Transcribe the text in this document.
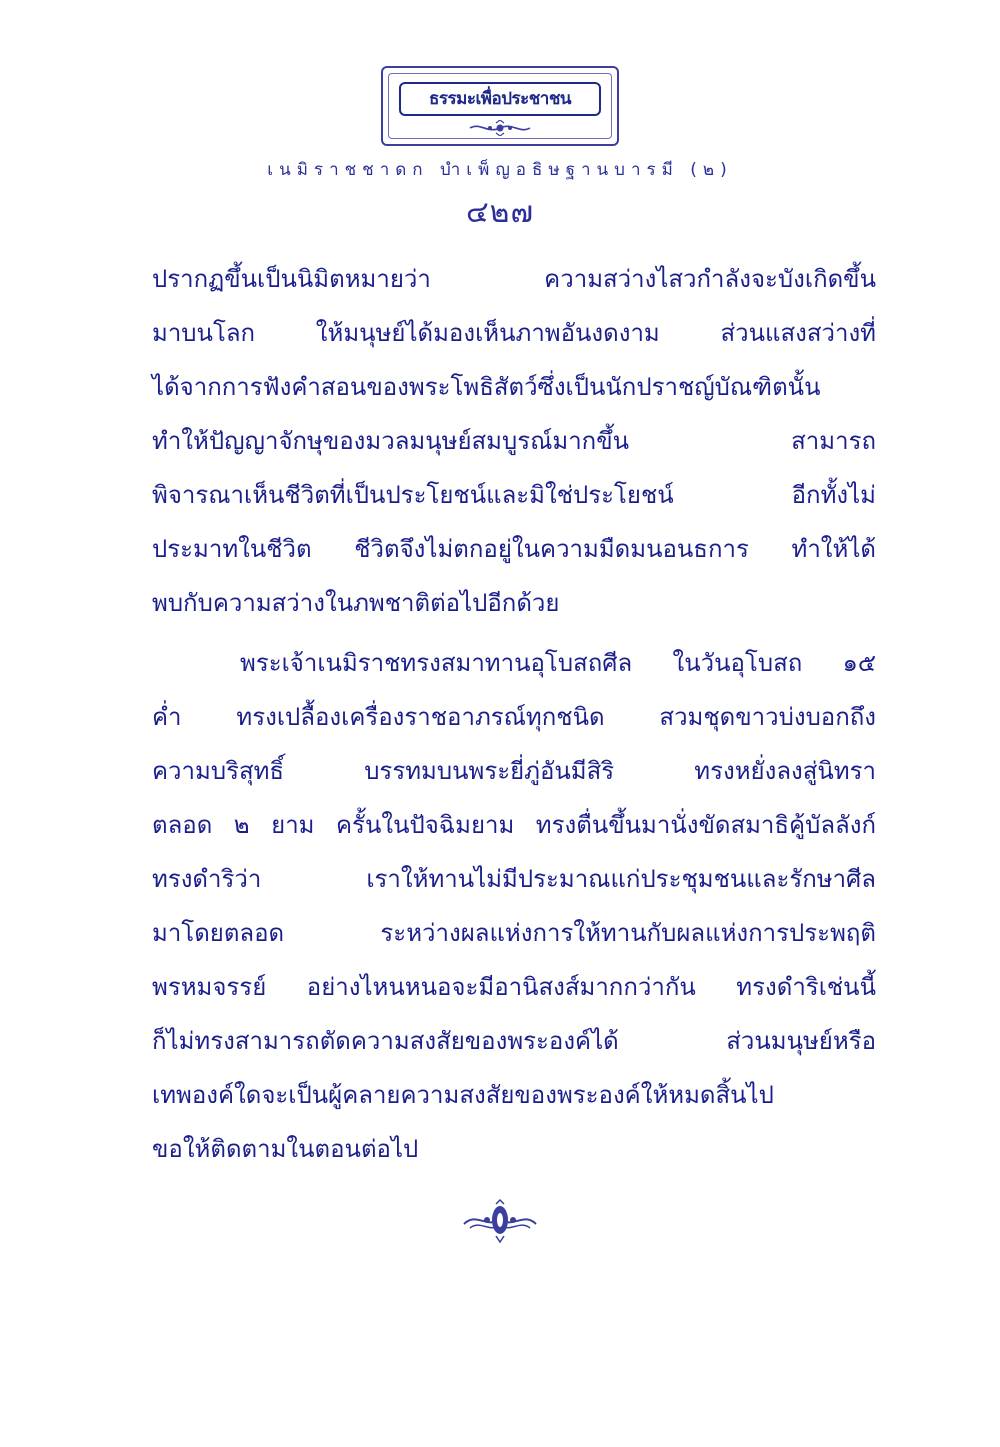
ธรรมะเพื่อประชาชน
เนมิราชชาดก บำเพ็ญอธิษฐานบารมี (๒)
๔๒๗
ปรากฏขึ้นเป็นนิมิตหมายว่า ความสว่างไสวกำลังจะบังเกิดขึ้น
มาบนโลก ให้มนุษย์ได้มองเห็นภาพอันงดงาม ส่วนแสงสว่างที่
ได้จากการฟังคำสอนของพระโพธิสัตว์ซึ่งเป็นนักปราชญ์บัณฑิตนั้น
ทำให้ปัญญาจักษุของมวลมนุษย์สมบูรณ์มากขึ้น สามารถ
พิจารณาเห็นชีวิตที่เป็นประโยชน์และมิใช่ประโยชน์ อีกทั้งไม่
ประมาทในชีวิต ชีวิตจึงไม่ตกอยู่ในความมืดมนอนธการ ทำให้ได้
พบกับความสว่างในภพชาติต่อไปอีกด้วย
พระเจ้าเนมิราชทรงสมาทานอุโบสถศีล ในวันอุโบสถ ๑๕
ค่ำ ทรงเปลื้องเครื่องราชอาภรณ์ทุกชนิด สวมชุดขาวบ่งบอกถึง
ความบริสุทธิ์ บรรทมบนพระยี่ภู่อันมีสิริ ทรงหยั่งลงสู่นิทรา
ตลอด ๒ ยาม ครั้นในปัจฉิมยาม ทรงตื่นขึ้นมานั่งขัดสมาธิคู้บัลลังก์
ทรงดำริว่า เราให้ทานไม่มีประมาณแก่ประชุมชนและรักษาศีล
มาโดยตลอด ระหว่างผลแห่งการให้ทานกับผลแห่งการประพฤติ
พรหมจรรย์ อย่างไหนหนอจะมีอานิสงส์มากกว่ากัน ทรงดำริเช่นนี้
ก็ไม่ทรงสามารถตัดความสงสัยของพระองค์ได้ ส่วนมนุษย์หรือ
เทพองค์ใดจะเป็นผู้คลายความสงสัยของพระองค์ให้หมดสิ้นไป
ขอให้ติดตามในตอนต่อไป
